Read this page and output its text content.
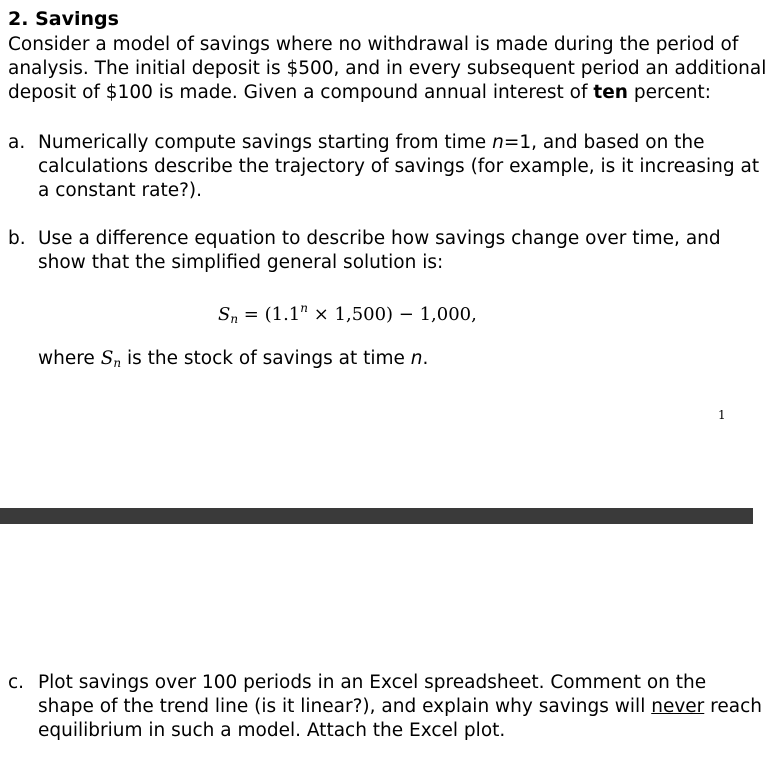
2. Savings
Consider a model of savings where no withdrawal is made during the period of
analysis. The initial deposit is $500, and in every subsequent period an additional
deposit of $100 is made. Given a compound annual interest of ten percent:
a. Numerically compute savings starting from time n=1, and based on the
calculations describe the trajectory of savings (for example, is it increasing at
a constant rate?).
b. Use a difference equation to describe how savings change over time, and
show that the simplified general solution is:
$S_n = (1.1^n \times 1,500) - 1,000$,
where $S_n$ is the stock of savings at time n.
1
c. Plot savings over 100 periods in an Excel spreadsheet. Comment on the
shape of the trend line (is it linear?), and explain why savings will never reach
equilibrium in such a model. Attach the Excel plot.
